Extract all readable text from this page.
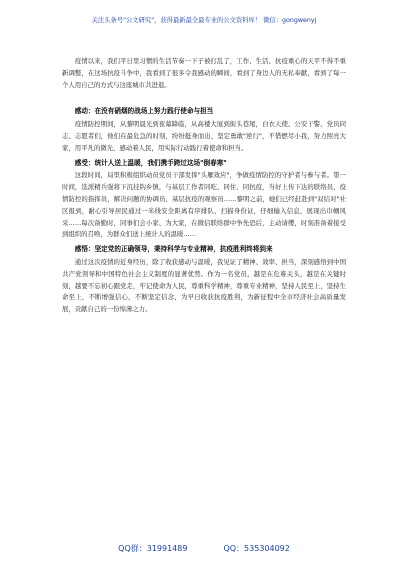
关注头条号"公文研究"，获得最新最全最专业的公文资料库！ 微信：gongwenyj

疫情以来，我们平日里习惯的生活节奏一下子被打乱了，工作、生活、抗疫重心的天平不得不重新调整，在这场抗疫斗争中，我看到了很多令我感动的瞬间，看到了身边人的无私奉献，看到了每一个人用自己的方式与这座城市共进退。

感动：在没有硝烟的战场上努力践行使命与担当

疫情防控期间，从黎明晨光到夜幕降临，从高楼大厦到街头巷尾，白衣天使、公安干警、党员同志、志愿者们，他们在最危急的时刻，纷纷挺身而出、坚定勇敢"逆行"，不惜燃尽小我，努力照亮大家，用平凡的微光，感动着人民，用实际行动践行着使命和担当。

感受：统计人送上温暖，我们携手跨过这场"倒春寒"

这段时间，局里积极组织动员党员干部发挥"头雁效应"，争做疫情防控的守护者与参与者。第一时间，选派精兵强将下沉挂钩乡镇，与基层工作者同吃、同住、同抗疫，当好上传下达的联络员、疫情防控的指挥员，解决问题的协调员、基层抗疫的观察员……黎明之前，她们已经赶赴到"双结对"社区报到，耐心引导居民通过一米线安全距离有序排队、扫描身份证，仔细输入信息，展现出巾帼风采……每次备勤时，同事们会小家、为大家，在微信联络群中争先恐后，主动请缨，时刻准备着接受到组织的召唤，为群众们送上统计人的温暖……

感悟：坚定党的正确领导，秉持科学与专业精神，抗疫胜利终将到来

通过这次疫情的近身经历，除了收获感动与温暖，我见证了精神、效率、担当，深刻感悟到中国共产党领导和中国特色社会主义制度的显著优势。作为一名党员，越是在危难关头，越是在关键时刻，越要不忘初心跟党走，牢记使命为人民，尊重科学精神，尊重专业精神，坚持人民至上，坚持生命至上，不断增强信心，不断坚定信念，为早日收获抗疫胜利，为新征程中全市经济社会高质量发展，贡献自己的一份绵薄之力。

QQ群：31991489	QQ：535304092
